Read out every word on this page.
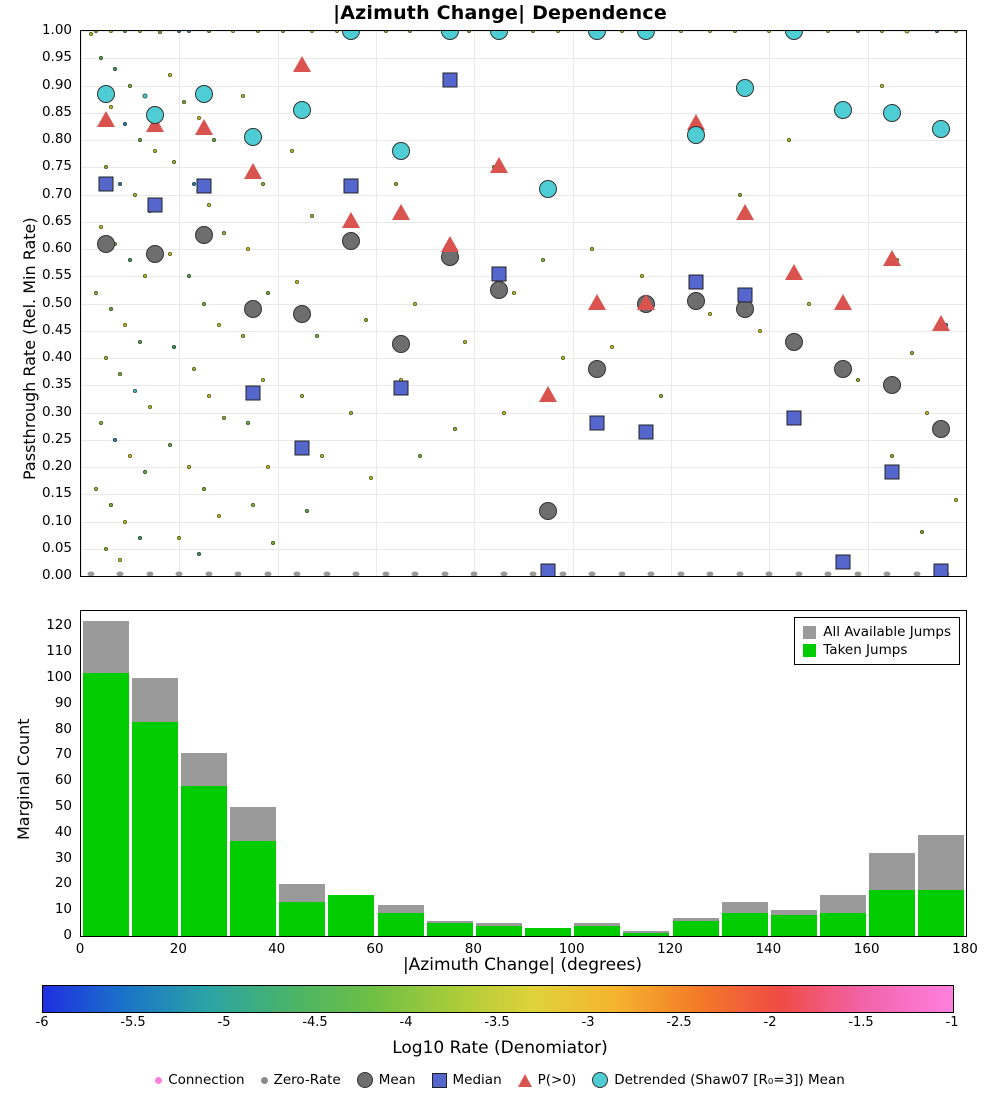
|Azimuth Change| Dependence
Passthrough Rate (Rel. Min Rate)
0.00
0.05
0.10
0.15
0.20
0.25
0.30
0.35
0.40
0.45
0.50
0.55
0.60
0.65
0.70
0.75
0.80
0.85
0.90
0.95
1.00
Marginal Count
0
10
20
30
40
50
60
70
80
90
100
110
120	All Available Jumps
Taken Jumps
0	20	40	60	80	100	120	140	160	180
|Azimuth Change| (degrees)
-6	-5.5	-5	-4.5	-4	-3.5	-3	-2.5	-2	-1.5	-1
Log10 Rate (Denomiator)
Connection Zero-Rate	Mean	Median	P(>0)	Detrended (Shaw07 [R₀=3]) Mean
